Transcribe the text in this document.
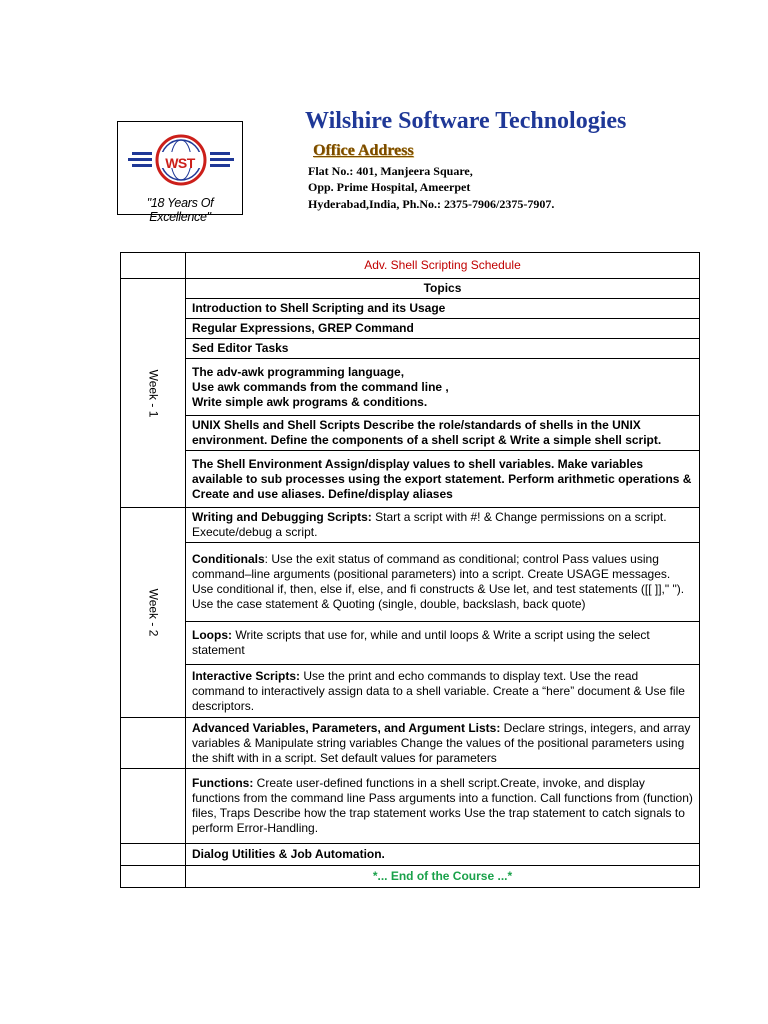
WST
"18 Years Of Excellence"
Wilshire Software Technologies
Office Address
Flat No.: 401, Manjeera Square,
Opp. Prime Hospital, Ameerpet
Hyderabad,India, Ph.No.: 2375-7906/2375-7907.
	Adv. Shell Scripting Schedule
Week - 1	Topics
	Introduction to Shell Scripting and its Usage
	Regular Expressions, GREP Command
	Sed Editor Tasks
	The adv-awk programming language,
Use awk commands from the command line ,
Write simple awk programs & conditions.
	UNIX Shells and Shell Scripts Describe the role/standards of shells in the UNIX environment. Define the components of a shell script & Write a simple shell script.
	The Shell Environment Assign/display values to shell variables. Make variables available to sub processes using the export statement. Perform arithmetic operations & Create and use aliases. Define/display aliases
Week - 2	Writing and Debugging Scripts: Start a script with #! & Change permissions on a script. Execute/debug a script.
	Conditionals: Use the exit status of command as conditional; control Pass values using command–line arguments (positional parameters) into a script. Create USAGE messages. Use conditional if, then, else if, else, and fi constructs & Use let, and test statements ([[ ]]," "). Use the case statement & Quoting (single, double, backslash, back quote)
	Loops: Write scripts that use for, while and until loops & Write a script using the select statement
	Interactive Scripts: Use the print and echo commands to display text. Use the read command to interactively assign data to a shell variable. Create a “here” document & Use file descriptors.
	Advanced Variables, Parameters, and Argument Lists: Declare strings, integers, and array variables & Manipulate string variables Change the values of the positional parameters using the shift with in a script. Set default values for parameters
	Functions: Create user-defined functions in a shell script.Create, invoke, and display functions from the command line Pass arguments into a function. Call functions from (function) files, Traps Describe how the trap statement works Use the trap statement to catch signals to perform Error-Handling.
	Dialog Utilities & Job Automation.
	*... End of the Course ...*
